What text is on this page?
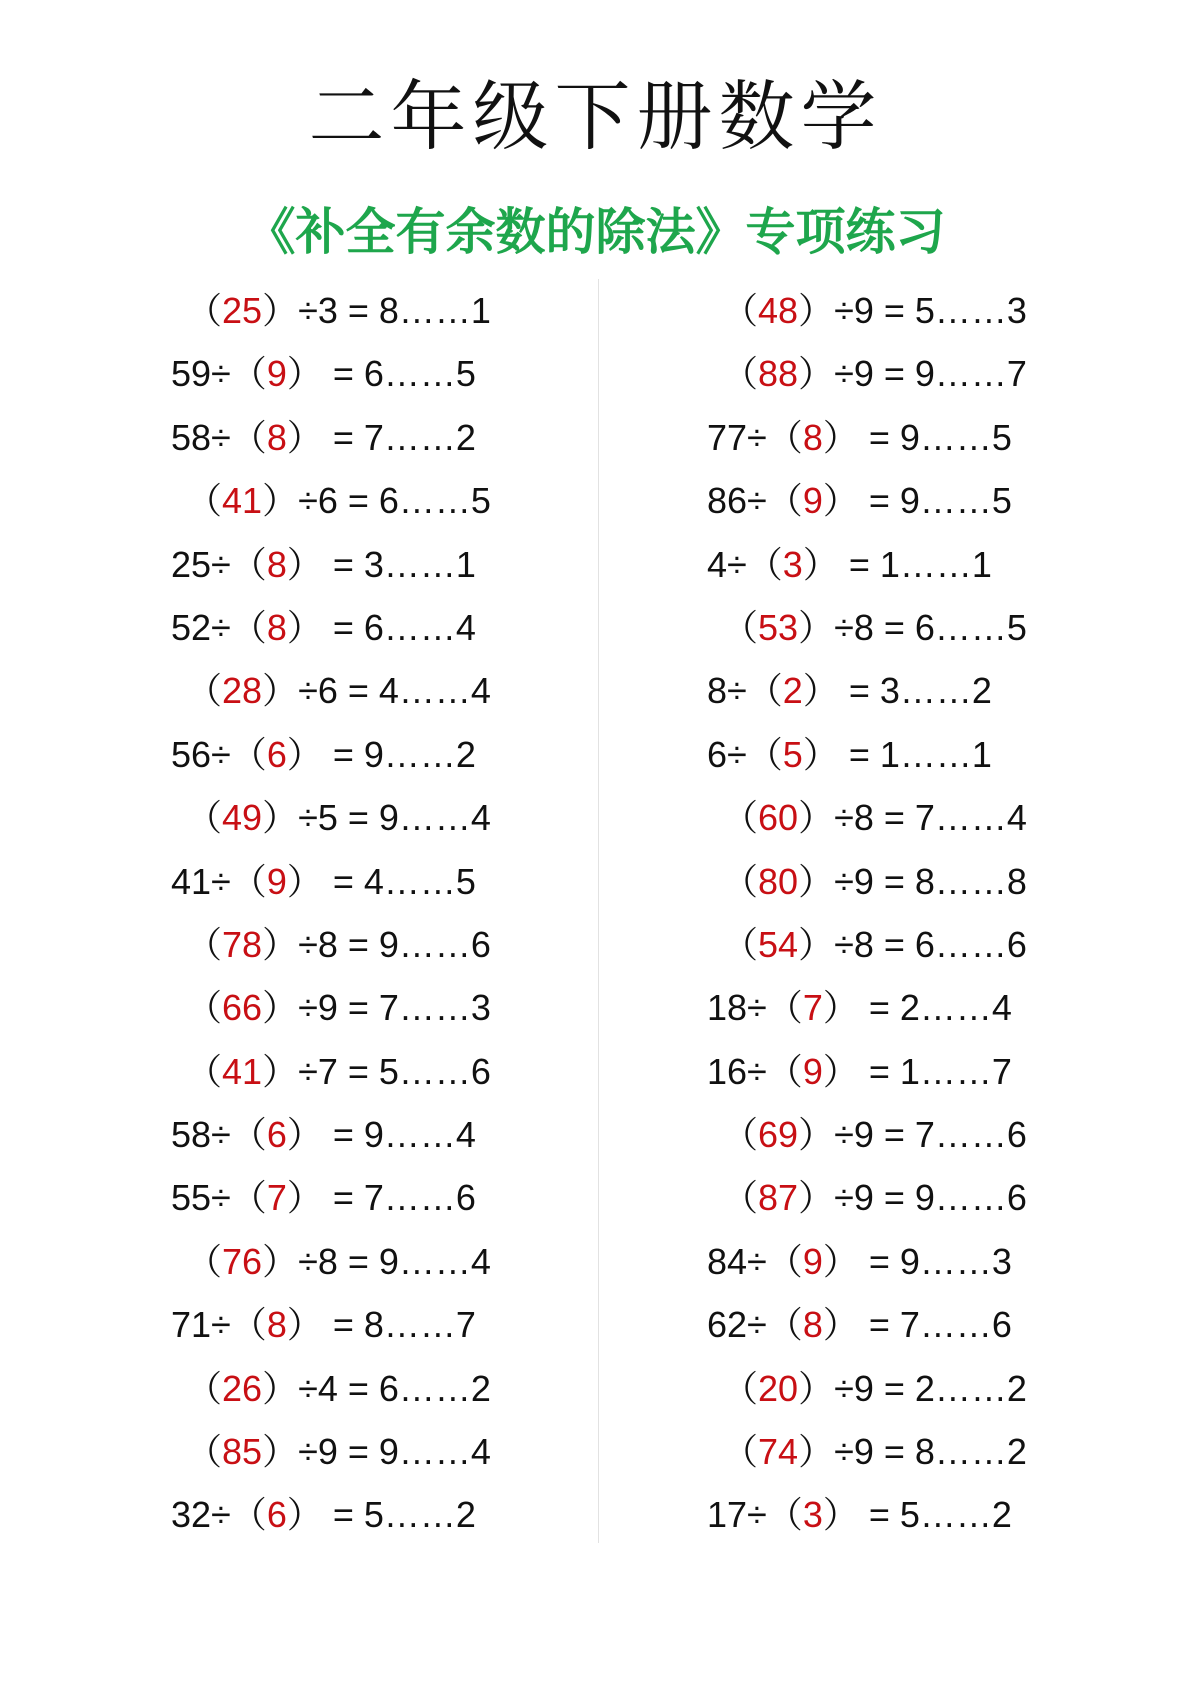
二年级下册数学
《补全有余数的除法》专项练习
（25）÷3 = 8……1
59÷（9） = 6……5
58÷（8） = 7……2
（41）÷6 = 6……5
25÷（8） = 3……1
52÷（8） = 6……4
（28）÷6 = 4……4
56÷（6） = 9……2
（49）÷5 = 9……4
41÷（9） = 4……5
（78）÷8 = 9……6
（66）÷9 = 7……3
（41）÷7 = 5……6
58÷（6） = 9……4
55÷（7） = 7……6
（76）÷8 = 9……4
71÷（8） = 8……7
（26）÷4 = 6……2
（85）÷9 = 9……4
32÷（6） = 5……2
（48）÷9 = 5……3
（88）÷9 = 9……7
77÷（8） = 9……5
86÷（9） = 9……5
4÷（3） = 1……1
（53）÷8 = 6……5
8÷（2） = 3……2
6÷（5） = 1……1
（60）÷8 = 7……4
（80）÷9 = 8……8
（54）÷8 = 6……6
18÷（7） = 2……4
16÷（9） = 1……7
（69）÷9 = 7……6
（87）÷9 = 9……6
84÷（9） = 9……3
62÷（8） = 7……6
（20）÷9 = 2……2
（74）÷9 = 8……2
17÷（3） = 5……2
